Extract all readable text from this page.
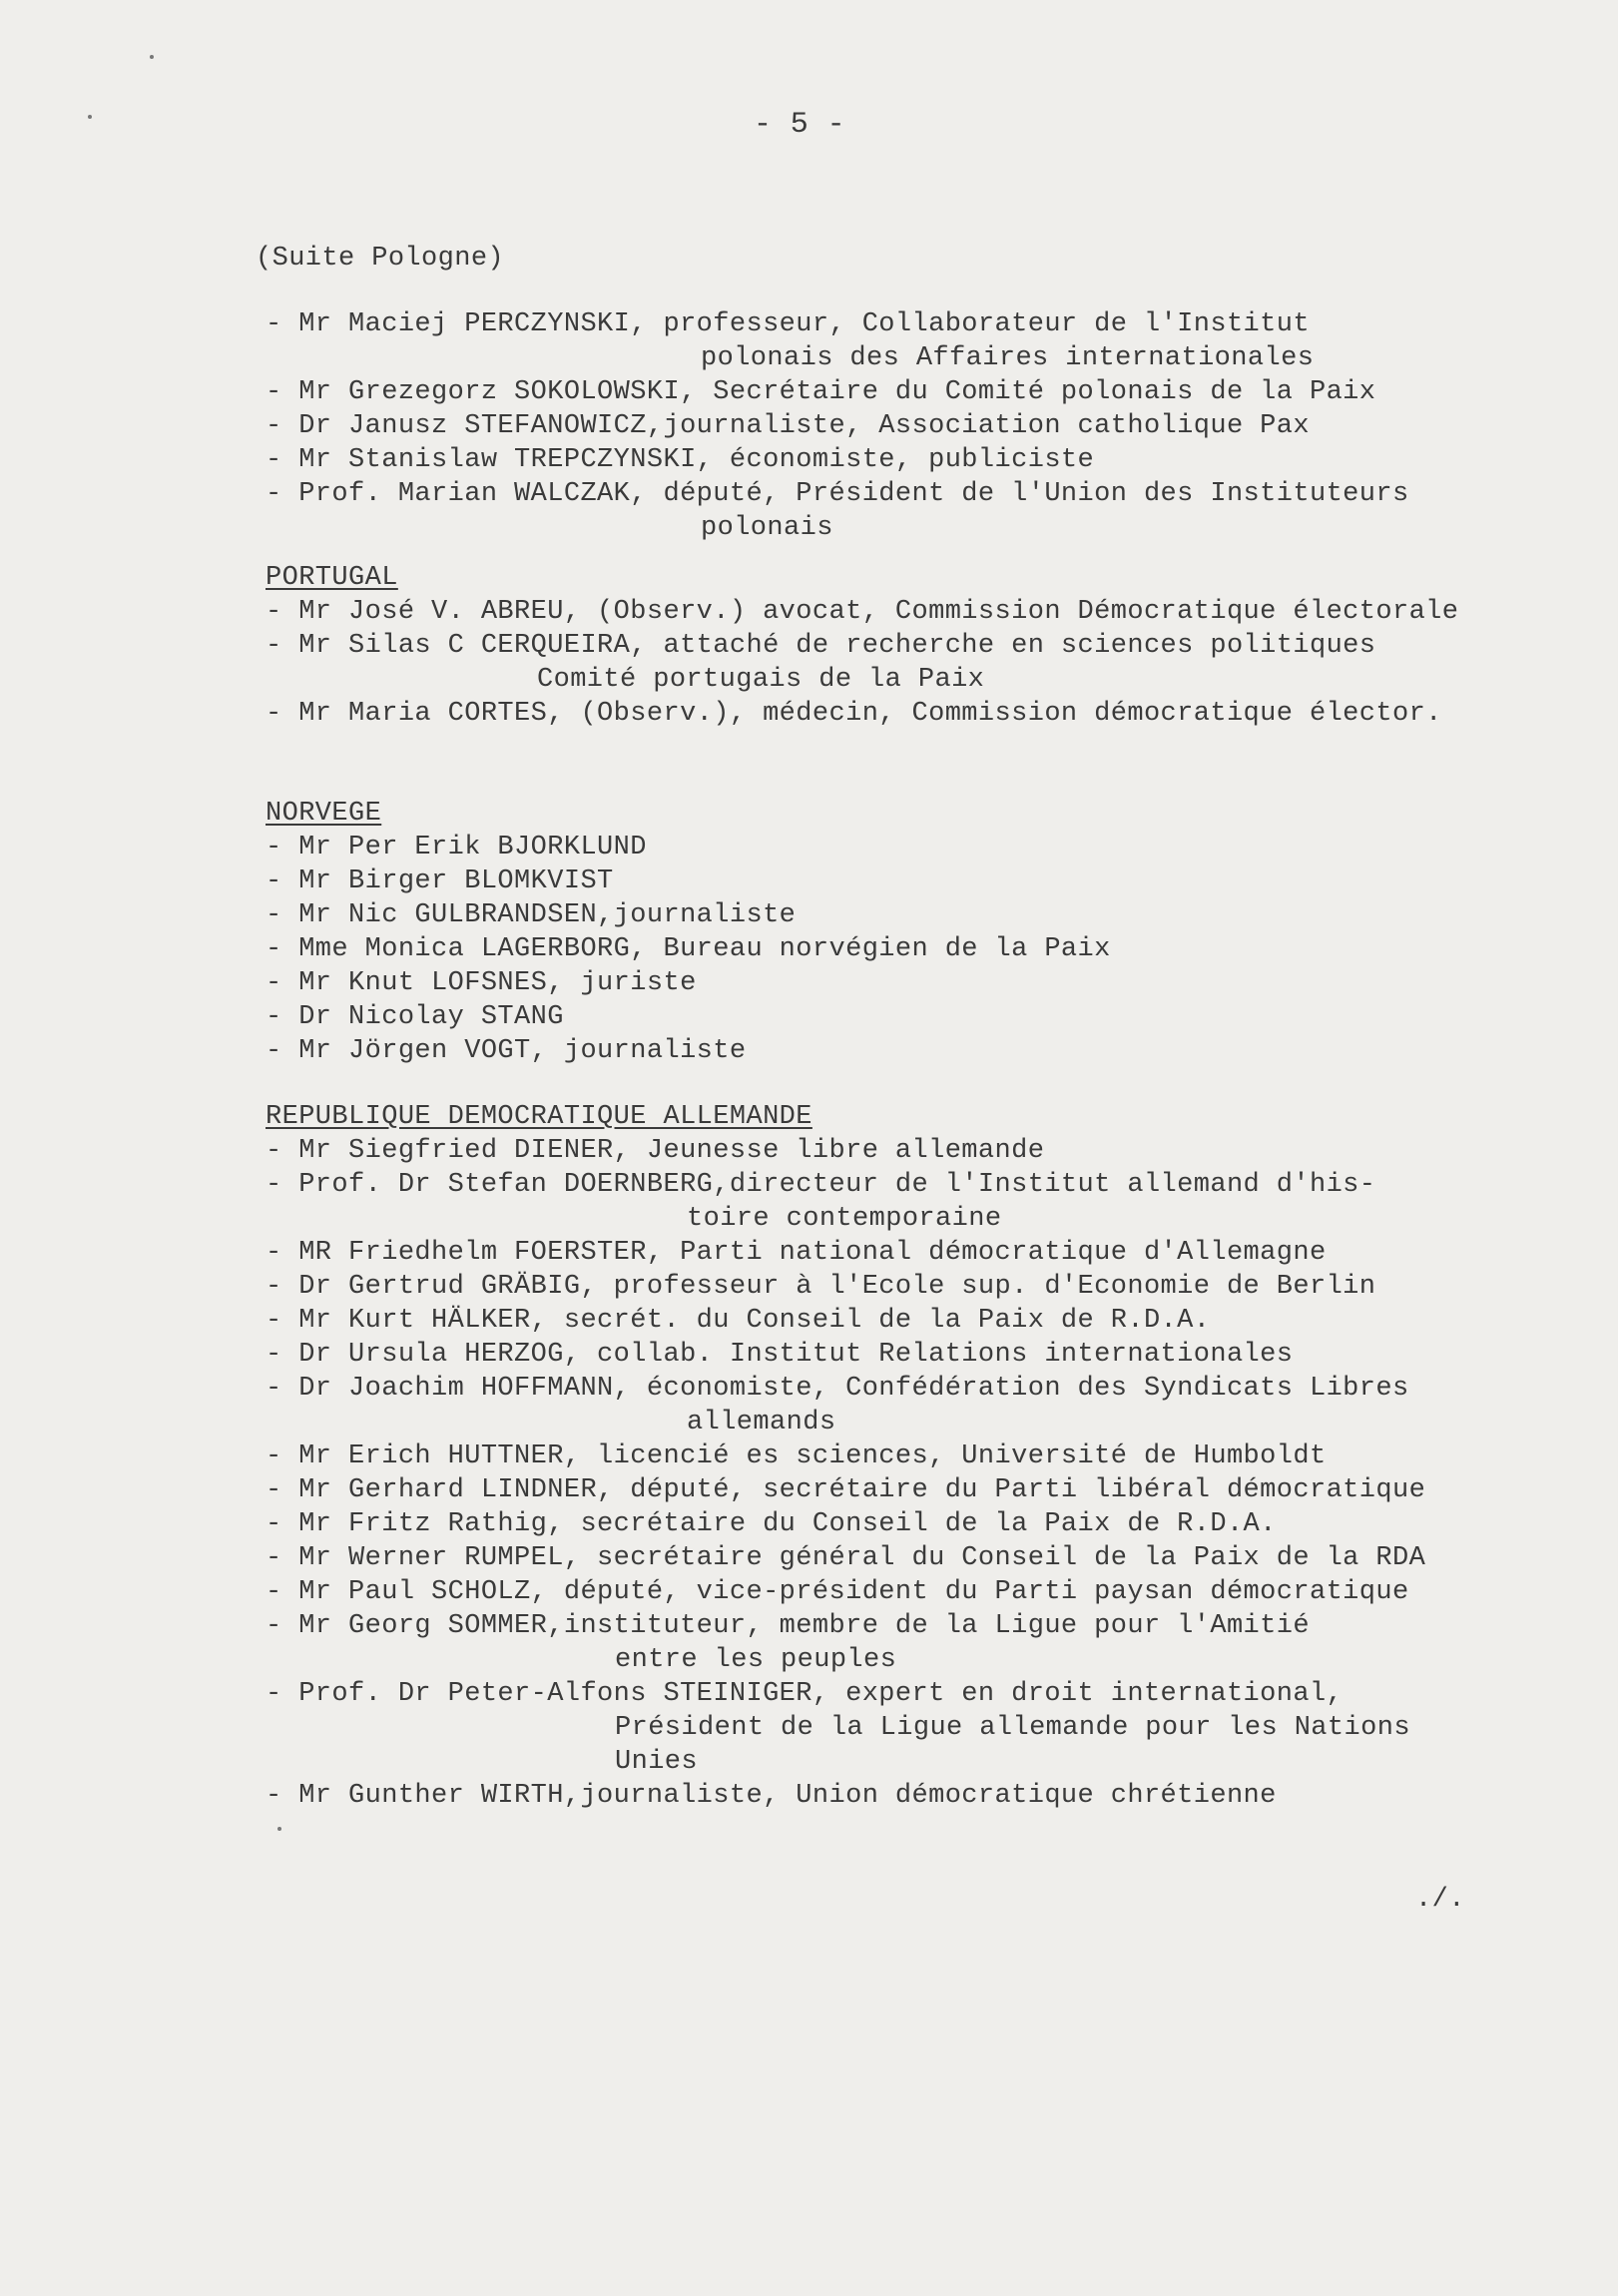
- 5 -
(Suite Pologne)
- Mr Maciej PERCZYNSKI, professeur, Collaborateur de l'Institut
polonais des Affaires internationales
- Mr Grezegorz SOKOLOWSKI, Secrétaire du Comité polonais de la Paix
- Dr Janusz STEFANOWICZ,journaliste, Association catholique Pax
- Mr Stanislaw TREPCZYNSKI, économiste, publiciste
- Prof. Marian WALCZAK, député, Président de l'Union des Instituteurs
polonais
PORTUGAL
- Mr José V. ABREU, (Observ.) avocat, Commission Démocratique électorale
- Mr Silas C CERQUEIRA, attaché de recherche en sciences politiques
Comité portugais de la Paix
- Mr Maria CORTES, (Observ.), médecin, Commission démocratique élector.
NORVEGE
- Mr Per Erik BJORKLUND
- Mr Birger BLOMKVIST
- Mr Nic GULBRANDSEN,journaliste
- Mme Monica LAGERBORG, Bureau norvégien de la Paix
- Mr Knut LOFSNES, juriste
- Dr Nicolay STANG
- Mr Jörgen VOGT, journaliste
REPUBLIQUE DEMOCRATIQUE ALLEMANDE
- Mr Siegfried DIENER, Jeunesse libre allemande
- Prof. Dr Stefan DOERNBERG,directeur de l'Institut allemand d'his-
toire contemporaine
- MR Friedhelm FOERSTER, Parti national démocratique d'Allemagne
- Dr Gertrud GRÄBIG, professeur à l'Ecole sup. d'Economie de Berlin
- Mr Kurt HÄLKER, secrét. du Conseil de la Paix de R.D.A.
- Dr Ursula HERZOG, collab. Institut Relations internationales
- Dr Joachim HOFFMANN, économiste, Confédération des Syndicats Libres
allemands
- Mr Erich HUTTNER, licencié es sciences, Université de Humboldt
- Mr Gerhard LINDNER, député, secrétaire du Parti libéral démocratique
- Mr Fritz Rathig, secrétaire du Conseil de la Paix de R.D.A.
- Mr Werner RUMPEL, secrétaire général du Conseil de la Paix de la RDA
- Mr Paul SCHOLZ, député, vice-président du Parti paysan démocratique
- Mr Georg SOMMER,instituteur, membre de la Ligue pour l'Amitié
entre les peuples
- Prof. Dr Peter-Alfons STEINIGER, expert en droit international,
Président de la Ligue allemande pour les Nations
Unies
- Mr Gunther WIRTH,journaliste, Union démocratique chrétienne
./.
